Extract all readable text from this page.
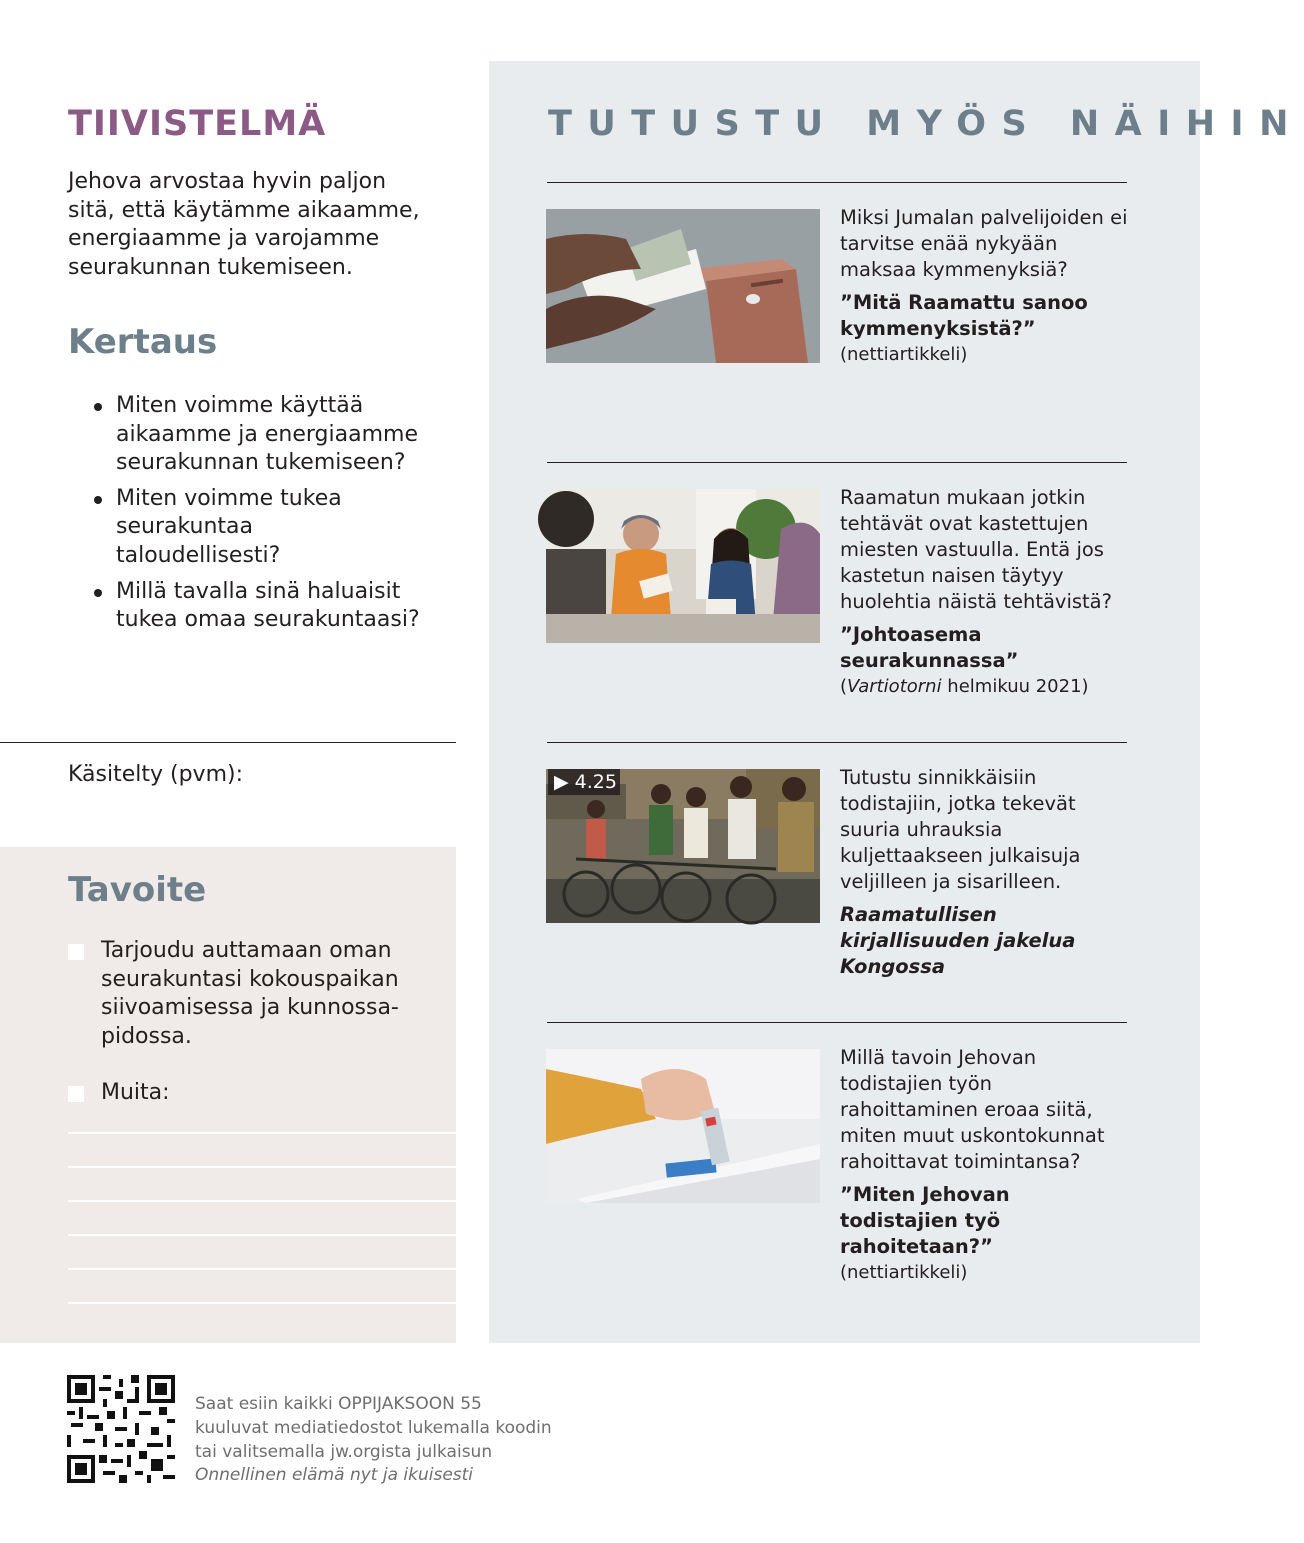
TIIVISTELMÄ

Jehova arvostaa hyvin paljon sitä, että käytämme aikaamme, energiaamme ja varojamme seurakunnan tukemiseen.

Kertaus
Miten voimme käyttää aikaamme ja energiaamme seurakunnan tukemiseen?
Miten voimme tukea seurakuntaa taloudellisesti?
Millä tavalla sinä haluaisit tukea omaa seurakuntaasi?
Käsitelty (pvm):
Tavoite
Tarjoudu auttamaan oman seurakuntasi kokouspaikan siivoamisessa ja kunnossa-pidossa.
Muita:
TUTUSTU MYÖS NÄIHIN

Miksi Jumalan palvelijoiden ei tarvitse enää nykyään maksaa kymmenyksiä?

”Mitä Raamattu sanoo kymmenyksistä?”

(nettiartikkeli)

Raamatun mukaan jotkin tehtävät ovat kastettujen miesten vastuulla. Entä jos kastetun naisen täytyy huolehtia näistä tehtävistä?

”Johtoasema seurakunnassa”

(Vartiotorni helmikuu 2021)

▶ 4.25	Tutustu sinnikkäisiin todistajiin, jotka tekevät suuria uhrauksia kuljettaakseen julkaisuja veljilleen ja sisarilleen.

Raamatullisen kirjallisuuden jakelua Kongossa

Millä tavoin Jehovan todistajien työn rahoittaminen eroaa siitä, miten muut uskontokunnat rahoittavat toimintansa?

”Miten Jehovan todistajien työ rahoitetaan?”

(nettiartikkeli)

Saat esiin kaikki OPPIJAKSOON 55
kuuluvat mediatiedostot lukemalla koodin
tai valitsemalla jw.orgista julkaisun
Onnellinen elämä nyt ja ikuisesti
